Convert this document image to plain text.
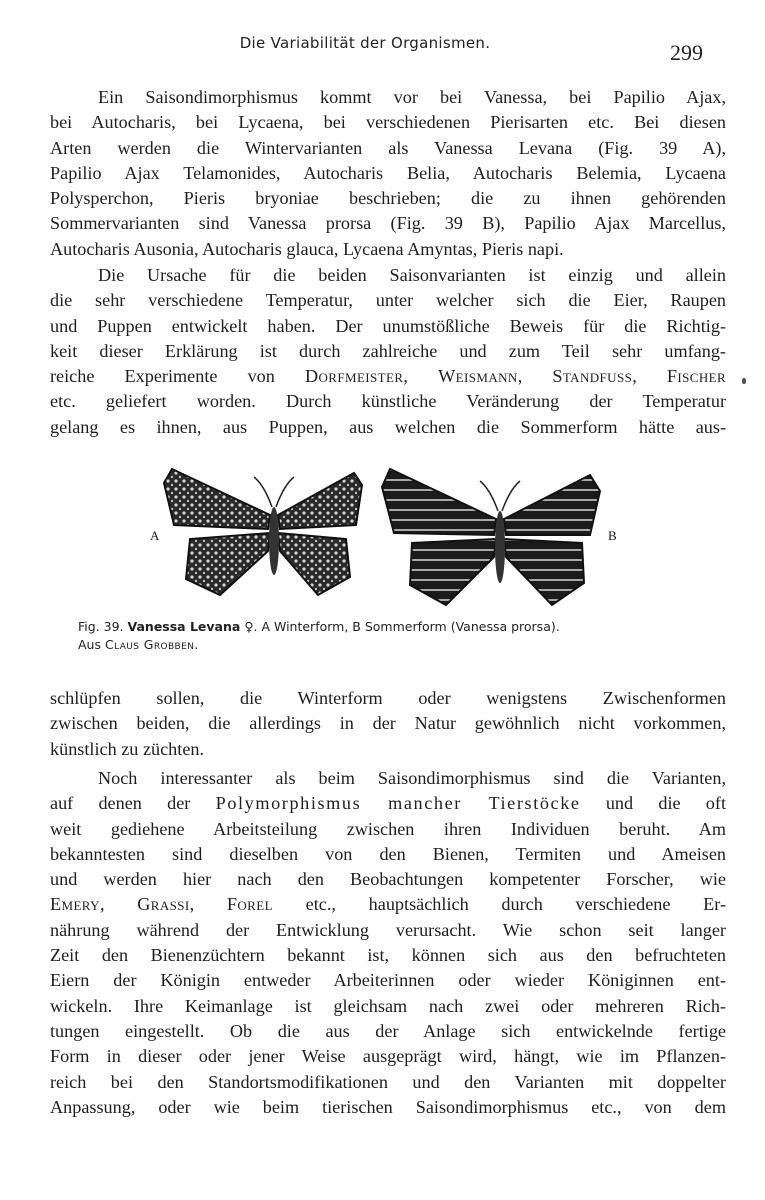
Die Variabilität der Organismen.	299

Ein Saisondimorphismus kommt vor bei Vanessa, bei Papilio Ajax,
bei Autocharis, bei Lycaena, bei verschiedenen Pierisarten etc. Bei diesen
Arten werden die Wintervarianten als Vanessa Levana (Fig. 39 A),
Papilio Ajax Telamonides, Autocharis Belia, Autocharis Belemia, Lycaena
Polysperchon, Pieris bryoniae beschrieben; die zu ihnen gehörenden
Sommervarianten sind Vanessa prorsa (Fig. 39 B), Papilio Ajax Marcellus,
Autocharis Ausonia, Autocharis glauca, Lycaena Amyntas, Pieris napi.

Die Ursache für die beiden Saisonvarianten ist einzig und allein
die sehr verschiedene Temperatur, unter welcher sich die Eier, Raupen
und Puppen entwickelt haben. Der unumstößliche Beweis für die Richtig-
keit dieser Erklärung ist durch zahlreiche und zum Teil sehr umfang-
reiche Experimente von Dorfmeister, Weismann, Standfuss, Fischer
etc. geliefert worden. Durch künstliche Veränderung der Temperatur
gelang es ihnen, aus Puppen, aus welchen die Sommerform hätte aus-

A	B
Fig. 39. Vanessa Levana ♀. A Winterform, B Sommerform (Vanessa prorsa).
Aus Claus Grobben.

schlüpfen sollen, die Winterform oder wenigstens Zwischenformen
zwischen beiden, die allerdings in der Natur gewöhnlich nicht vorkommen,
künstlich zu züchten.

Noch interessanter als beim Saisondimorphismus sind die Varianten,
auf denen der Polymorphismus mancher Tierstöcke und die oft
weit gediehene Arbeitsteilung zwischen ihren Individuen beruht. Am
bekanntesten sind dieselben von den Bienen, Termiten und Ameisen
und werden hier nach den Beobachtungen kompetenter Forscher, wie
Emery, Grassi, Forel etc., hauptsächlich durch verschiedene Er-
nährung während der Entwicklung verursacht. Wie schon seit langer
Zeit den Bienenzüchtern bekannt ist, können sich aus den befruchteten
Eiern der Königin entweder Arbeiterinnen oder wieder Königinnen ent-
wickeln. Ihre Keimanlage ist gleichsam nach zwei oder mehreren Rich-
tungen eingestellt. Ob die aus der Anlage sich entwickelnde fertige
Form in dieser oder jener Weise ausgeprägt wird, hängt, wie im Pflanzen-
reich bei den Standortsmodifikationen und den Varianten mit doppelter
Anpassung, oder wie beim tierischen Saisondimorphismus etc., von dem
